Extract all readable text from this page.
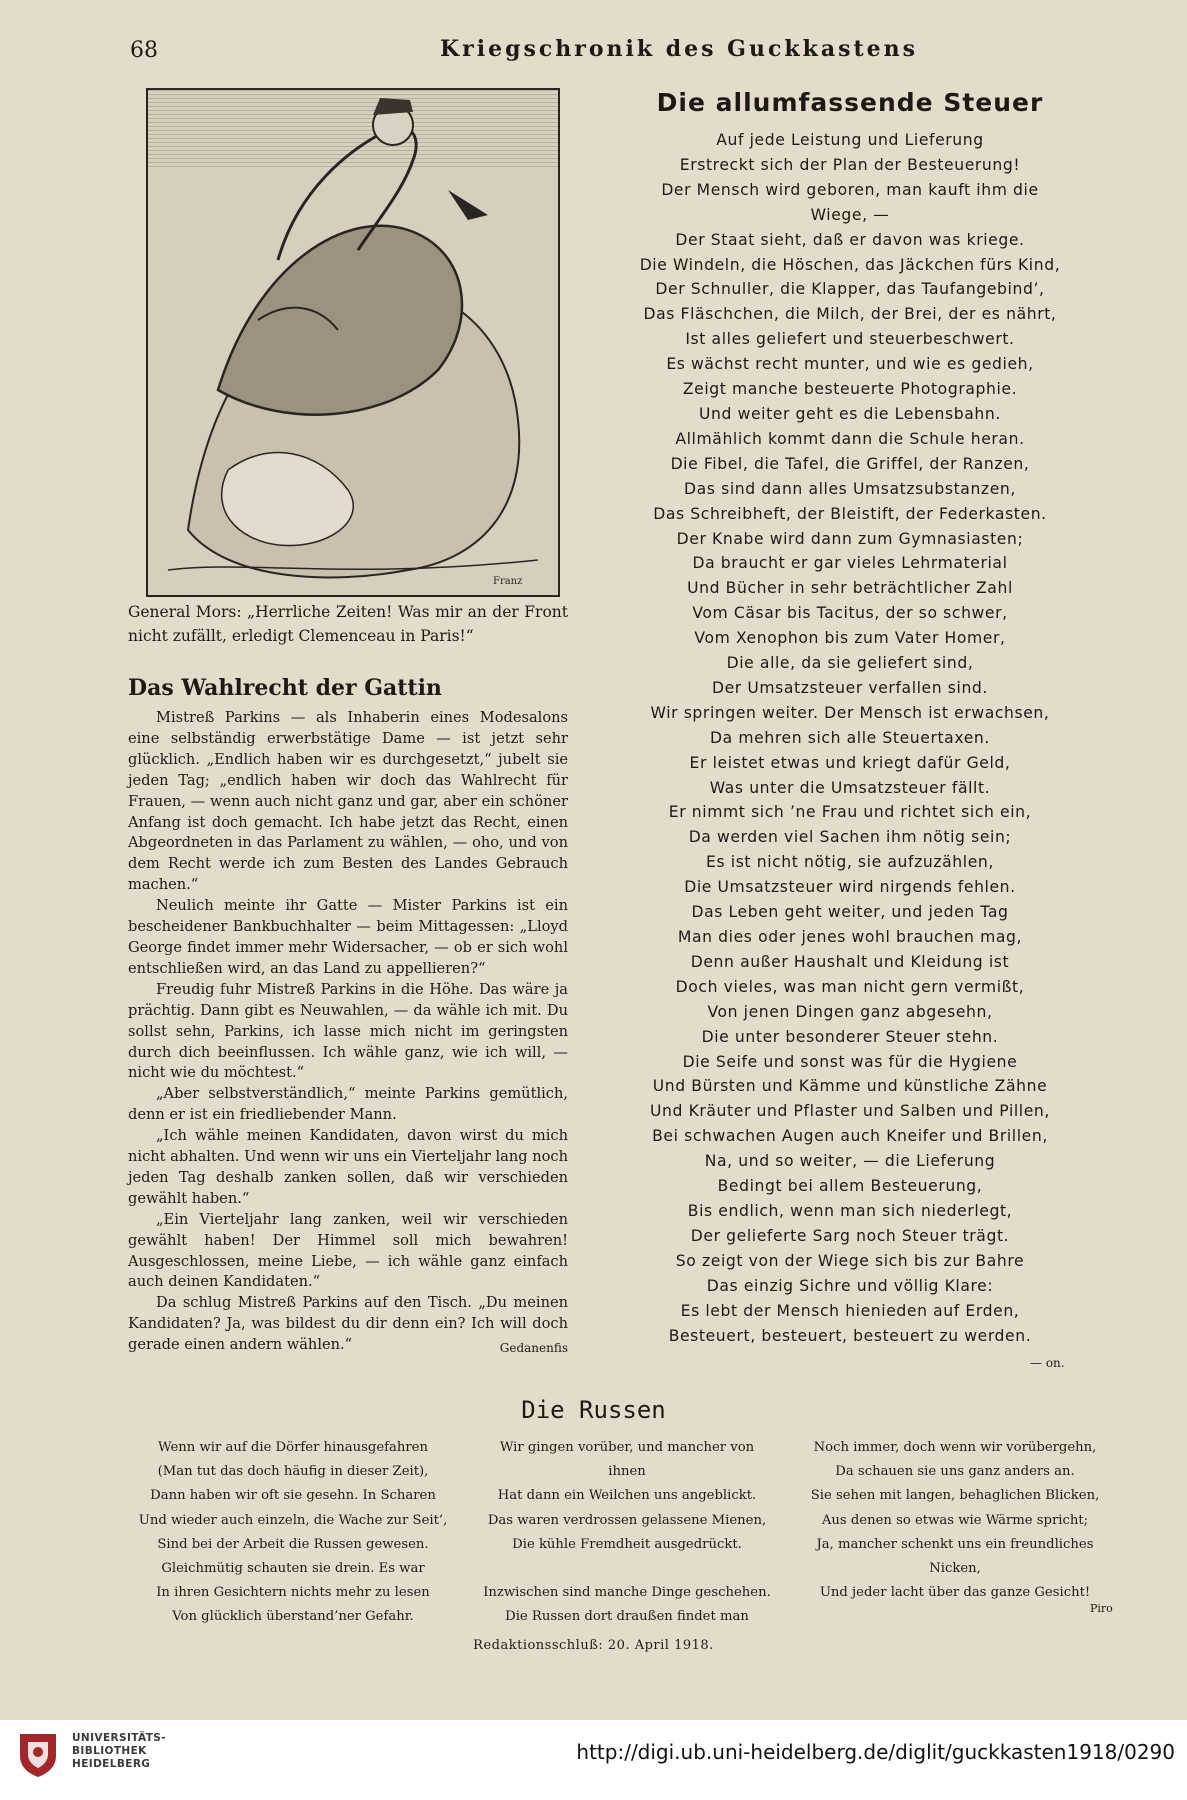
68	Kriegschronik des Guckkastens
Franz
General Mors: „Herrliche Zeiten! Was mir an der Front nicht zufällt, erledigt Clemenceau in Paris!“
Das Wahlrecht der Gattin

Mistreß Parkins — als Inhaberin eines Modesalons eine selbständig erwerbstätige Dame — ist jetzt sehr glücklich. „Endlich haben wir es durchgesetzt,“ jubelt sie jeden Tag; „endlich haben wir doch das Wahlrecht für Frauen, — wenn auch nicht ganz und gar, aber ein schöner Anfang ist doch gemacht. Ich habe jetzt das Recht, einen Abgeordneten in das Parlament zu wählen, — oho, und von dem Recht werde ich zum Besten des Landes Gebrauch machen.“

Neulich meinte ihr Gatte — Mister Parkins ist ein bescheidener Bankbuchhalter — beim Mittagessen: „Lloyd George findet immer mehr Widersacher, — ob er sich wohl entschließen wird, an das Land zu appellieren?“

Freudig fuhr Mistreß Parkins in die Höhe. Das wäre ja prächtig. Dann gibt es Neuwahlen, — da wähle ich mit. Du sollst sehn, Parkins, ich lasse mich nicht im geringsten durch dich beeinflussen. Ich wähle ganz, wie ich will, — nicht wie du möchtest.“

„Aber selbstverständlich,“ meinte Parkins gemütlich, denn er ist ein friedliebender Mann.

„Ich wähle meinen Kandidaten, davon wirst du mich nicht abhalten. Und wenn wir uns ein Vierteljahr lang noch jeden Tag deshalb zanken sollen, daß wir verschieden gewählt haben.“

„Ein Vierteljahr lang zanken, weil wir verschieden gewählt haben! Der Himmel soll mich bewahren! Ausgeschlossen, meine Liebe, — ich wähle ganz einfach auch deinen Kandidaten.“

Da schlug Mistreß Parkins auf den Tisch. „Du meinen Kandidaten? Ja, was bildest du dir denn ein? Ich will doch gerade einen andern wählen.“	Gedanenfis

Die allumfassende Steuer
Auf jede Leistung und Lieferung
Erstreckt sich der Plan der Besteuerung!
Der Mensch wird geboren, man kauft ihm die
Wiege, —
Der Staat sieht, daß er davon was kriege.
Die Windeln, die Höschen, das Jäckchen fürs Kind,
Der Schnuller, die Klapper, das Taufangebind’,
Das Fläschchen, die Milch, der Brei, der es nährt,
Ist alles geliefert und steuerbeschwert.
Es wächst recht munter, und wie es gedieh,
Zeigt manche besteuerte Photographie.
Und weiter geht es die Lebensbahn.
Allmählich kommt dann die Schule heran.
Die Fibel, die Tafel, die Griffel, der Ranzen,
Das sind dann alles Umsatzsubstanzen,
Das Schreibheft, der Bleistift, der Federkasten.
Der Knabe wird dann zum Gymnasiasten;
Da braucht er gar vieles Lehrmaterial
Und Bücher in sehr beträchtlicher Zahl
Vom Cäsar bis Tacitus, der so schwer,
Vom Xenophon bis zum Vater Homer,
Die alle, da sie geliefert sind,
Der Umsatzsteuer verfallen sind.
Wir springen weiter. Der Mensch ist erwachsen,
Da mehren sich alle Steuertaxen.
Er leistet etwas und kriegt dafür Geld,
Was unter die Umsatzsteuer fällt.
Er nimmt sich ’ne Frau und richtet sich ein,
Da werden viel Sachen ihm nötig sein;
Es ist nicht nötig, sie aufzuzählen,
Die Umsatzsteuer wird nirgends fehlen.
Das Leben geht weiter, und jeden Tag
Man dies oder jenes wohl brauchen mag,
Denn außer Haushalt und Kleidung ist
Doch vieles, was man nicht gern vermißt,
Von jenen Dingen ganz abgesehn,
Die unter besonderer Steuer stehn.
Die Seife und sonst was für die Hygiene
Und Bürsten und Kämme und künstliche Zähne
Und Kräuter und Pflaster und Salben und Pillen,
Bei schwachen Augen auch Kneifer und Brillen,
Na, und so weiter, — die Lieferung
Bedingt bei allem Besteuerung,
Bis endlich, wenn man sich niederlegt,
Der gelieferte Sarg noch Steuer trägt.
So zeigt von der Wiege sich bis zur Bahre
Das einzig Sichre und völlig Klare:
Es lebt der Mensch hienieden auf Erden,
Besteuert, besteuert, besteuert zu werden.
— on.
Die Russen
Wenn wir auf die Dörfer hinausgefahren
(Man tut das doch häufig in dieser Zeit),
Dann haben wir oft sie gesehn. In Scharen
Und wieder auch einzeln, die Wache zur Seit’,
Sind bei der Arbeit die Russen gewesen.
Gleichmütig schauten sie drein. Es war
In ihren Gesichtern nichts mehr zu lesen
Von glücklich überstand’ner Gefahr.
Wir gingen vorüber, und mancher von
ihnen
Hat dann ein Weilchen uns angeblickt.
Das waren verdrossen gelassene Mienen,
Die kühle Fremdheit ausgedrückt.

Inzwischen sind manche Dinge geschehen.
Die Russen dort draußen findet man
Noch immer, doch wenn wir vorübergehn,
Da schauen sie uns ganz anders an.
Sie sehen mit langen, behaglichen Blicken,
Aus denen so etwas wie Wärme spricht;
Ja, mancher schenkt uns ein freundliches
Nicken,
Und jeder lacht über das ganze Gesicht!
Piro
Redaktionsschluß: 20. April 1918.
UNIVERSITÄTS-
BIBLIOTHEK
HEIDELBERG	http://digi.ub.uni-heidelberg.de/diglit/guckkasten1918/0290
